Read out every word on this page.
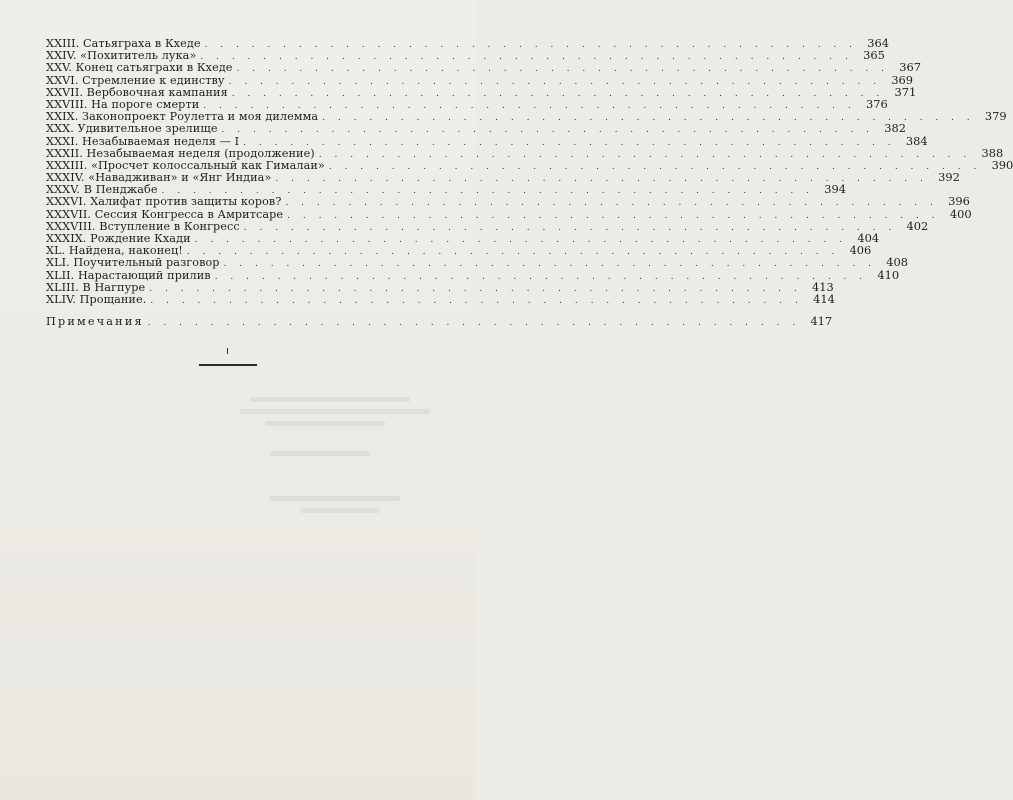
XXIII. Сатьяграха в Кхеде . . . . . . . . . . . . . . . . . . . . . . . . . . . . . . . . . . . . . . . . . . 364
XXIV. «Похититель лука» . . . . . . . . . . . . . . . . . . . . . . . . . . . . . . . . . . . . . . . . . . 365
XXV. Конец сатьяграхи в Кхеде . . . . . . . . . . . . . . . . . . . . . . . . . . . . . . . . . . . . . . . . . . 367
XXVI. Стремление к единству . . . . . . . . . . . . . . . . . . . . . . . . . . . . . . . . . . . . . . . . . . 369
XXVII. Вербовочная кампания . . . . . . . . . . . . . . . . . . . . . . . . . . . . . . . . . . . . . . . . . . 371
XXVIII. На пороге смерти . . . . . . . . . . . . . . . . . . . . . . . . . . . . . . . . . . . . . . . . . . 376
XXIX. Законопроект Роулетта и моя дилемма . . . . . . . . . . . . . . . . . . . . . . . . . . . . . . . . . . . . . . . . . . 379
XXX. Удивительное зрелище . . . . . . . . . . . . . . . . . . . . . . . . . . . . . . . . . . . . . . . . . . 382
XXXI. Незабываемая неделя — I . . . . . . . . . . . . . . . . . . . . . . . . . . . . . . . . . . . . . . . . . . 384
XXXII. Незабываемая неделя (продолжение) . . . . . . . . . . . . . . . . . . . . . . . . . . . . . . . . . . . . . . . . . . 388
XXXIII. «Просчет колоссальный как Гималаи» . . . . . . . . . . . . . . . . . . . . . . . . . . . . . . . . . . . . . . . . . . 390
XXXIV. «Навадживан» и «Янг Индиа» . . . . . . . . . . . . . . . . . . . . . . . . . . . . . . . . . . . . . . . . . . 392
XXXV. В Пенджабе . . . . . . . . . . . . . . . . . . . . . . . . . . . . . . . . . . . . . . . . . . 394
XXXVI. Халифат против защиты коров? . . . . . . . . . . . . . . . . . . . . . . . . . . . . . . . . . . . . . . . . . . 396
XXXVII. Сессия Конгресса в Амритсаре . . . . . . . . . . . . . . . . . . . . . . . . . . . . . . . . . . . . . . . . . . 400
XXXVIII. Вступление в Конгресс . . . . . . . . . . . . . . . . . . . . . . . . . . . . . . . . . . . . . . . . . . 402
XXXIX. Рождение Кхади . . . . . . . . . . . . . . . . . . . . . . . . . . . . . . . . . . . . . . . . . . 404
XL. Найдена, наконец! . . . . . . . . . . . . . . . . . . . . . . . . . . . . . . . . . . . . . . . . . . 406
XLI. Поучительный разговор . . . . . . . . . . . . . . . . . . . . . . . . . . . . . . . . . . . . . . . . . . 408
XLII. Нарастающий прилив . . . . . . . . . . . . . . . . . . . . . . . . . . . . . . . . . . . . . . . . . . 410
XLIII. В Нагпуре . . . . . . . . . . . . . . . . . . . . . . . . . . . . . . . . . . . . . . . . . . 413
XLIV. Прощание. . . . . . . . . . . . . . . . . . . . . . . . . . . . . . . . . . . . . . . . . . . 414
Примечания . . . . . . . . . . . . . . . . . . . . . . . . . . . . . . . . . . . . . . . . . . 417
